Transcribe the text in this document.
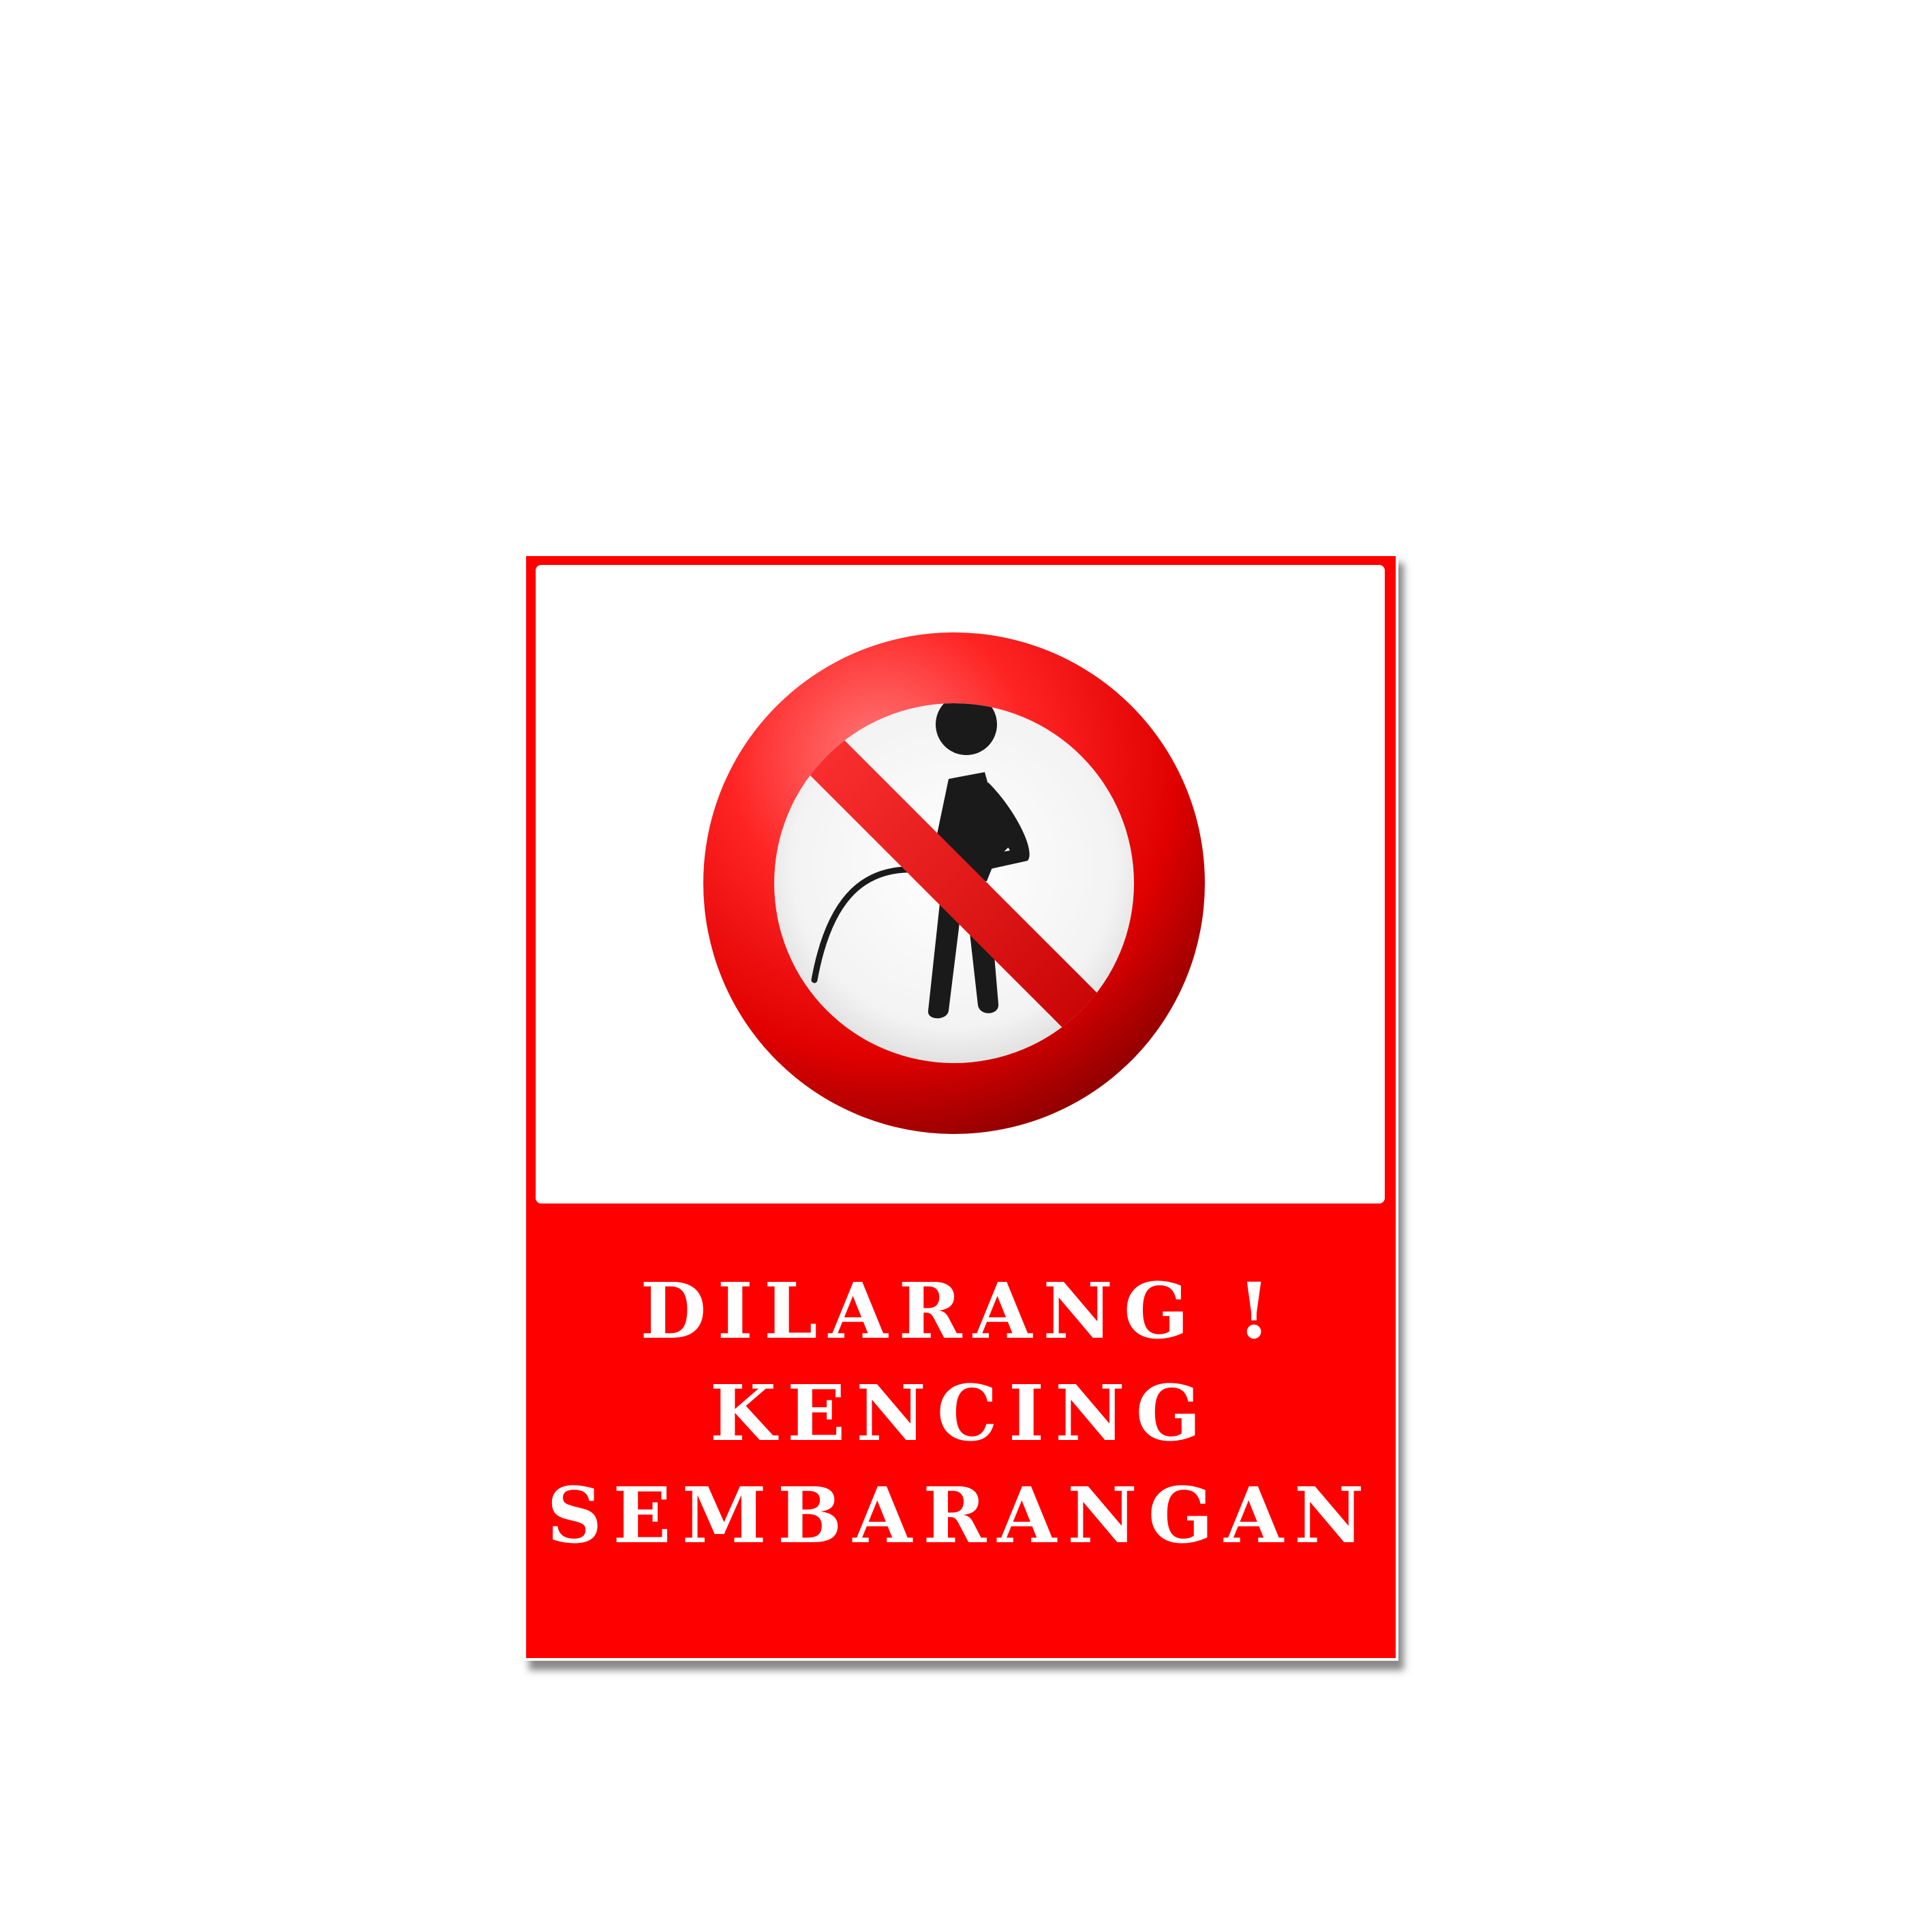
DILARANG !
KENCING
SEMBARANGAN
